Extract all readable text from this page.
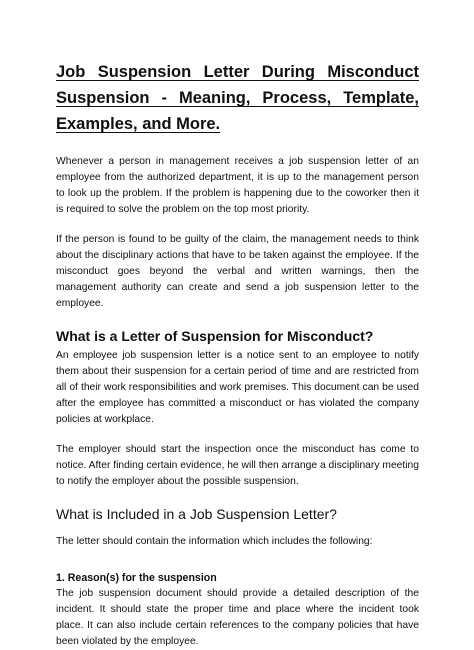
Job Suspension Letter During Misconduct Suspension - Meaning, Process, Template, Examples, and More.

Whenever a person in management receives a job suspension letter of an employee from the authorized department, it is up to the management person to look up the problem. If the problem is happening due to the coworker then it is required to solve the problem on the top most priority.

If the person is found to be guilty of the claim, the management needs to think about the disciplinary actions that have to be taken against the employee. If the misconduct goes beyond the verbal and written warnings, then the management authority can create and send a job suspension letter to the employee.

What is a Letter of Suspension for Misconduct?

An employee job suspension letter is a notice sent to an employee to notify them about their suspension for a certain period of time and are restricted from all of their work responsibilities and work premises. This document can be used after the employee has committed a misconduct or has violated the company policies at workplace.

The employer should start the inspection once the misconduct has come to notice. After finding certain evidence, he will then arrange a disciplinary meeting to notify the employer about the possible suspension.

What is Included in a Job Suspension Letter?

The letter should contain the information which includes the following:

1. Reason(s) for the suspension

The job suspension document should provide a detailed description of the incident. It should state the proper time and place where the incident took place. It can also include certain references to the company policies that have been violated by the employee.
